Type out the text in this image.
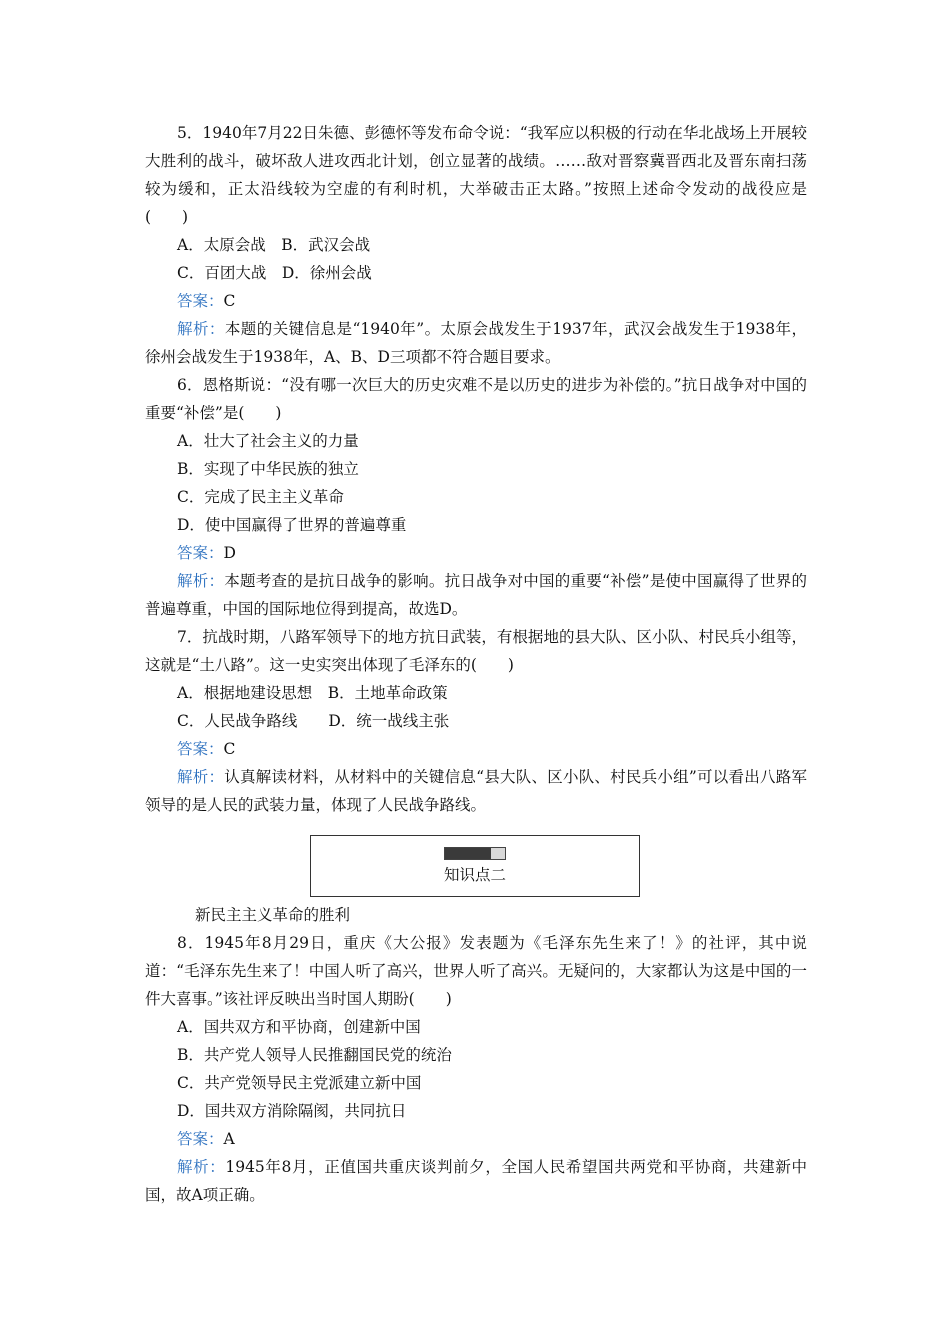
5．1940年7月22日朱德、彭德怀等发布命令说：“我军应以积极的行动在华北战场上开展较大胜利的战斗，破坏敌人进攻西北计划，创立显著的战绩。……敌对晋察冀晋西北及晋东南扫荡较为缓和，正太沿线较为空虚的有利时机，大举破击正太路。”按照上述命令发动的战役应是(　　)

A．太原会战　B．武汉会战

C．百团大战　D．徐州会战

答案：C

解析：本题的关键信息是“1940年”。太原会战发生于1937年，武汉会战发生于1938年，徐州会战发生于1938年，A、B、D三项都不符合题目要求。

6．恩格斯说：“没有哪一次巨大的历史灾难不是以历史的进步为补偿的。”抗日战争对中国的重要“补偿”是(　　)

A．壮大了社会主义的力量

B．实现了中华民族的独立

C．完成了民主主义革命

D．使中国赢得了世界的普遍尊重

答案：D

解析：本题考查的是抗日战争的影响。抗日战争对中国的重要“补偿”是使中国赢得了世界的普遍尊重，中国的国际地位得到提高，故选D。

7．抗战时期，八路军领导下的地方抗日武装，有根据地的县大队、区小队、村民兵小组等，这就是“土八路”。这一史实突出体现了毛泽东的(　　)

A．根据地建设思想　B．土地革命政策

C．人民战争路线　　D．统一战线主张

答案：C

解析：认真解读材料，从材料中的关键信息“县大队、区小队、村民兵小组”可以看出八路军领导的是人民的武装力量，体现了人民战争路线。

知识点二

新民主主义革命的胜利

8．1945年8月29日，重庆《大公报》发表题为《毛泽东先生来了！》的社评，其中说道：“毛泽东先生来了！中国人听了高兴，世界人听了高兴。无疑问的，大家都认为这是中国的一件大喜事。”该社评反映出当时国人期盼(　　)

A．国共双方和平协商，创建新中国

B．共产党人领导人民推翻国民党的统治

C．共产党领导民主党派建立新中国

D．国共双方消除隔阂，共同抗日

答案：A

解析：1945年8月，正值国共重庆谈判前夕，全国人民希望国共两党和平协商，共建新中国，故A项正确。
